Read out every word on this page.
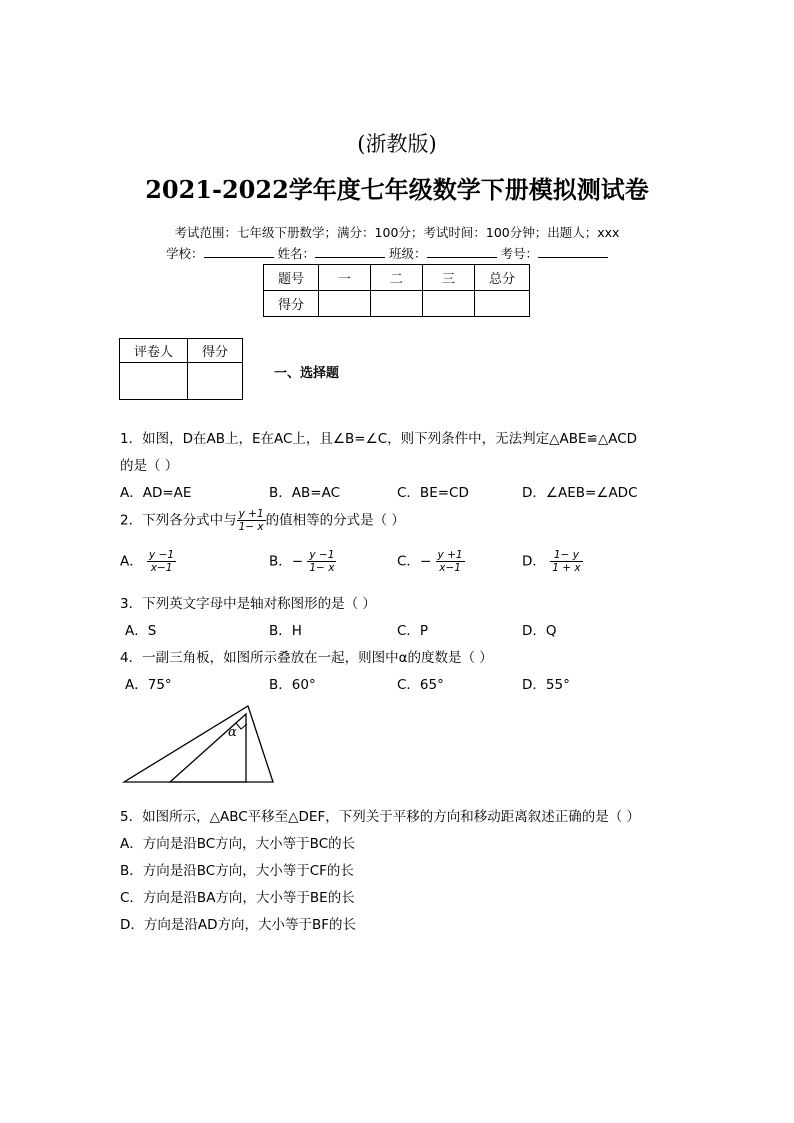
(浙教版)
2021-2022学年度七年级数学下册模拟测试卷
考试范围：七年级下册数学；满分：100分；考试时间：100分钟；出题人；xxx
学校：	姓名：	班级：	考号：
题号	一	二	三	总分
得分				
评卷人	得分

一、选择题
1．如图，D在AB上，E在AC上，且∠B=∠C，则下列条件中，无法判定△ABE≌△ACD
的是（ ）
A．AD=AE	B．AB=AC	C．BE=CD	D．∠AEB=∠ADC
2．下列各分式中与 $\frac{y +1}{1- x}$ 的值相等的分式是（ ）
A． $\frac{y -1}{x-1}$	B．− $\frac{y -1}{1- x}$	C．− $\frac{y +1}{x-1}$	D． $\frac{1- y}{1 + x}$
3．下列英文字母中是轴对称图形的是（ ）
A．S	B．H	C．P	D．Q
4．一副三角板，如图所示叠放在一起，则图中α的度数是（ ）
A．75°	B．60°	C．65°	D．55°
α
5．如图所示，△ABC平移至△DEF，下列关于平移的方向和移动距离叙述正确的是（ ）
A．方向是沿BC方向，大小等于BC的长
B．方向是沿BC方向，大小等于CF的长
C．方向是沿BA方向，大小等于BE的长
D．方向是沿AD方向，大小等于BF的长
